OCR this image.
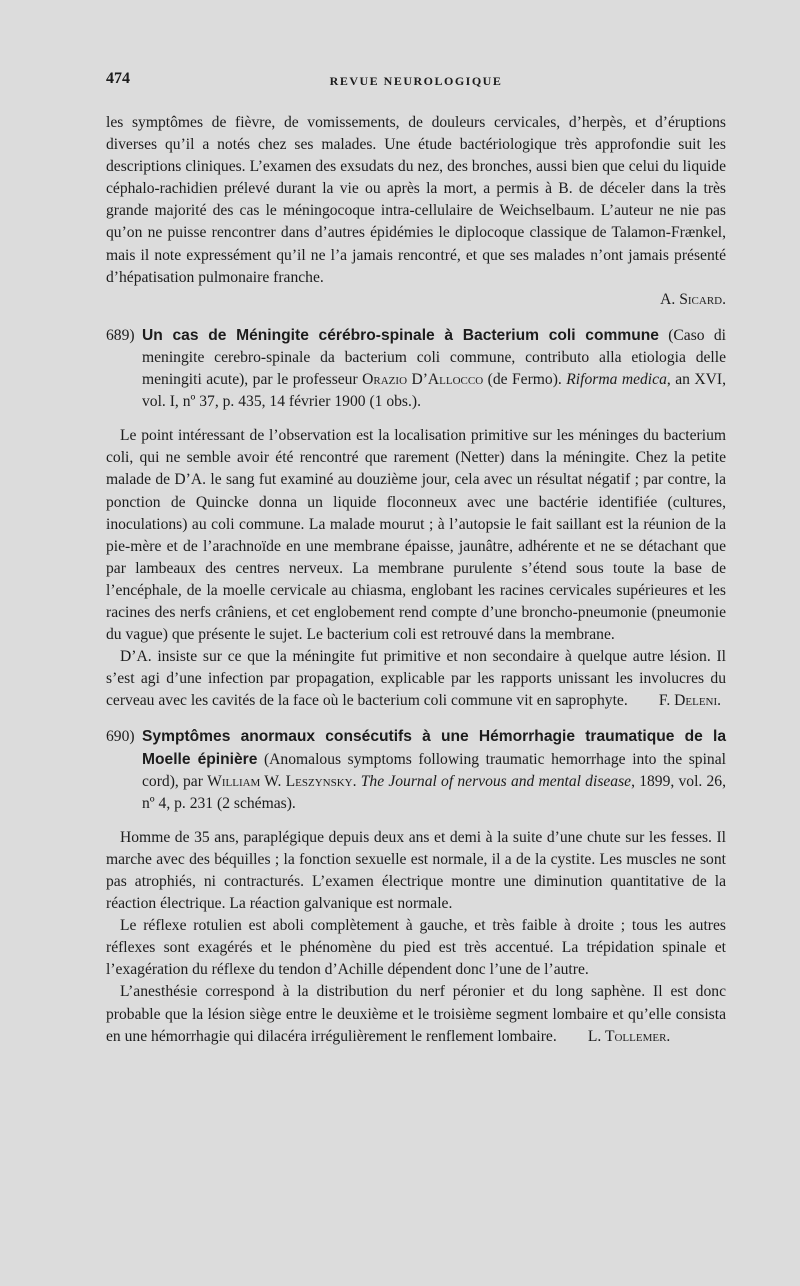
474	REVUE NEUROLOGIQUE

les symptômes de fièvre, de vomissements, de douleurs cervicales, d’herpès, et d’éruptions diverses qu’il a notés chez ses malades. Une étude bactériologique très approfondie suit les descriptions cliniques. L’examen des exsudats du nez, des bronches, aussi bien que celui du liquide céphalo-rachidien prélevé durant la vie ou après la mort, a permis à B. de déceler dans la très grande majorité des cas le méningocoque intra-cellulaire de Weichselbaum. L’auteur ne nie pas qu’on ne puisse rencontrer dans d’autres épidémies le diplocoque classique de Talamon-Frænkel, mais il note expressément qu’il ne l’a jamais rencontré, et que ses malades n’ont jamais présenté d’hépatisation pulmonaire franche.

A. Sicard.

689) Un cas de Méningite cérébro-spinale à Bacterium coli commune (Caso di meningite cerebro-spinale da bacterium coli commune, contributo alla etiologia delle meningiti acute), par le professeur Orazio D’Allocco (de Fermo). Riforma medica, an XVI, vol. I, nº 37, p. 435, 14 février 1900 (1 obs.).

Le point intéressant de l’observation est la localisation primitive sur les méninges du bacterium coli, qui ne semble avoir été rencontré que rarement (Netter) dans la méningite. Chez la petite malade de D’A. le sang fut examiné au douzième jour, cela avec un résultat négatif ; par contre, la ponction de Quincke donna un liquide floconneux avec une bactérie identifiée (cultures, inoculations) au coli commune. La malade mourut ; à l’autopsie le fait saillant est la réunion de la pie-mère et de l’arachnoïde en une membrane épaisse, jaunâtre, adhérente et ne se détachant que par lambeaux des centres nerveux. La membrane purulente s’étend sous toute la base de l’encéphale, de la moelle cervicale au chiasma, englobant les racines cervicales supérieures et les racines des nerfs crâniens, et cet englobement rend compte d’une broncho-pneumonie (pneumonie du vague) que présente le sujet. Le bacterium coli est retrouvé dans la membrane.

D’A. insiste sur ce que la méningite fut primitive et non secondaire à quelque autre lésion. Il s’est agi d’une infection par propagation, explicable par les rapports unissant les involucres du cerveau avec les cavités de la face où le bacterium coli commune vit en saprophyte. F. Deleni.

690) Symptômes anormaux consécutifs à une Hémorrhagie traumatique de la Moelle épinière (Anomalous symptoms following traumatic hemorrhage into the spinal cord), par William W. Leszynsky. The Journal of nervous and mental disease, 1899, vol. 26, nº 4, p. 231 (2 schémas).

Homme de 35 ans, paraplégique depuis deux ans et demi à la suite d’une chute sur les fesses. Il marche avec des béquilles ; la fonction sexuelle est normale, il a de la cystite. Les muscles ne sont pas atrophiés, ni contracturés. L’examen électrique montre une diminution quantitative de la réaction électrique. La réaction galvanique est normale.

Le réflexe rotulien est aboli complètement à gauche, et très faible à droite ; tous les autres réflexes sont exagérés et le phénomène du pied est très accentué. La trépidation spinale et l’exagération du réflexe du tendon d’Achille dépendent donc l’une de l’autre.

L’anesthésie correspond à la distribution du nerf péronier et du long saphène. Il est donc probable que la lésion siège entre le deuxième et le troisième segment lombaire et qu’elle consista en une hémorrhagie qui dilacéra irrégulièrement le renflement lombaire. L. Tollemer.
